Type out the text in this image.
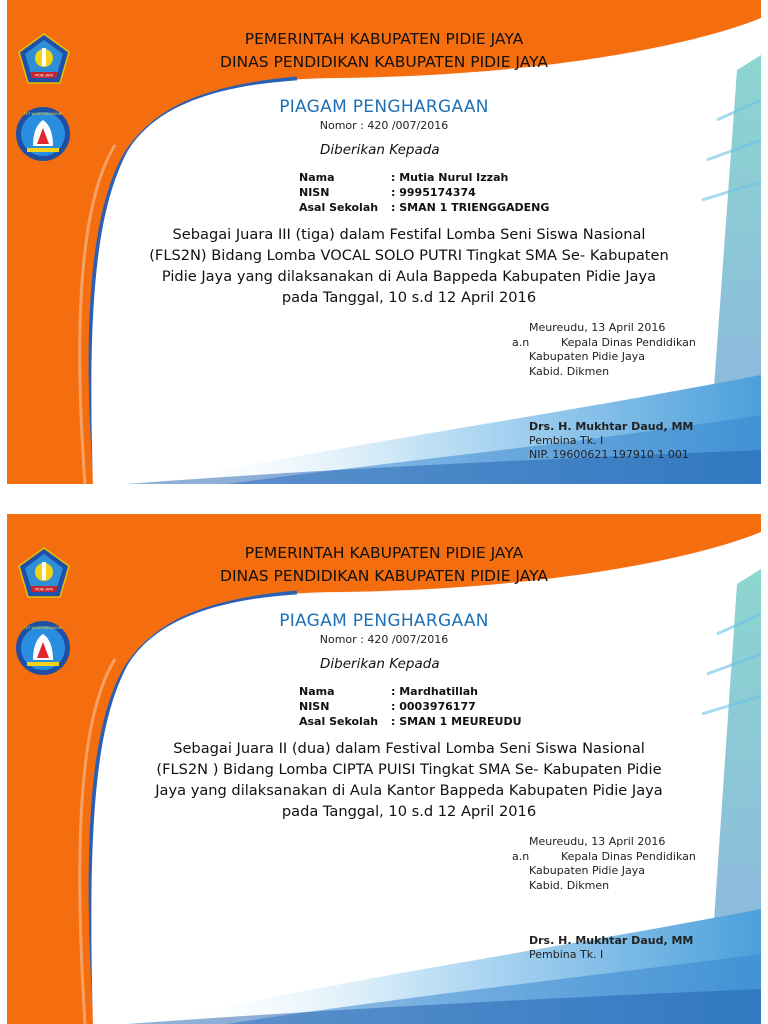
PIDIE JAYA
TUT WURI HANDAYANI
PEMERINTAH KABUPATEN PIDIE JAYA
DINAS PENDIDIKAN KABUPATEN PIDIE JAYA
PIAGAM PENGHARGAAN
Nomor : 420 /007/2016
Diberikan Kepada
Nama	: Mutia Nurul Izzah
NISN	: 9995174374
Asal Sekolah : SMAN 1 TRIENGGADENG
Sebagai Juara III (tiga) dalam Festifal Lomba Seni Siswa Nasional
(FLS2N) Bidang Lomba VOCAL SOLO PUTRI Tingkat SMA Se- Kabupaten
Pidie Jaya yang dilaksanakan di Aula Bappeda Kabupaten Pidie Jaya
pada Tanggal, 10 s.d 12 April 2016
Meureudu, 13 April 2016
a.n	Kepala Dinas Pendidikan
Kabupaten Pidie Jaya
Kabid. Dikmen
Drs. H. Mukhtar Daud, MM
Pembina Tk. I
NIP. 19600621 197910 1 001
PIDIE JAYA
TUT WURI HANDAYANI
PEMERINTAH KABUPATEN PIDIE JAYA
DINAS PENDIDIKAN KABUPATEN PIDIE JAYA
PIAGAM PENGHARGAAN
Nomor : 420 /007/2016
Diberikan Kepada
Nama	: Mardhatillah
NISN	: 0003976177
Asal Sekolah : SMAN 1 MEUREUDU
Sebagai Juara II (dua) dalam Festival Lomba Seni Siswa Nasional
(FLS2N ) Bidang Lomba CIPTA PUISI Tingkat SMA Se- Kabupaten Pidie
Jaya yang dilaksanakan di Aula Kantor Bappeda Kabupaten Pidie Jaya
pada Tanggal, 10 s.d 12 April 2016
Meureudu, 13 April 2016
a.n	Kepala Dinas Pendidikan
Kabupaten Pidie Jaya
Kabid. Dikmen
Drs. H. Mukhtar Daud, MM
Pembina Tk. I
